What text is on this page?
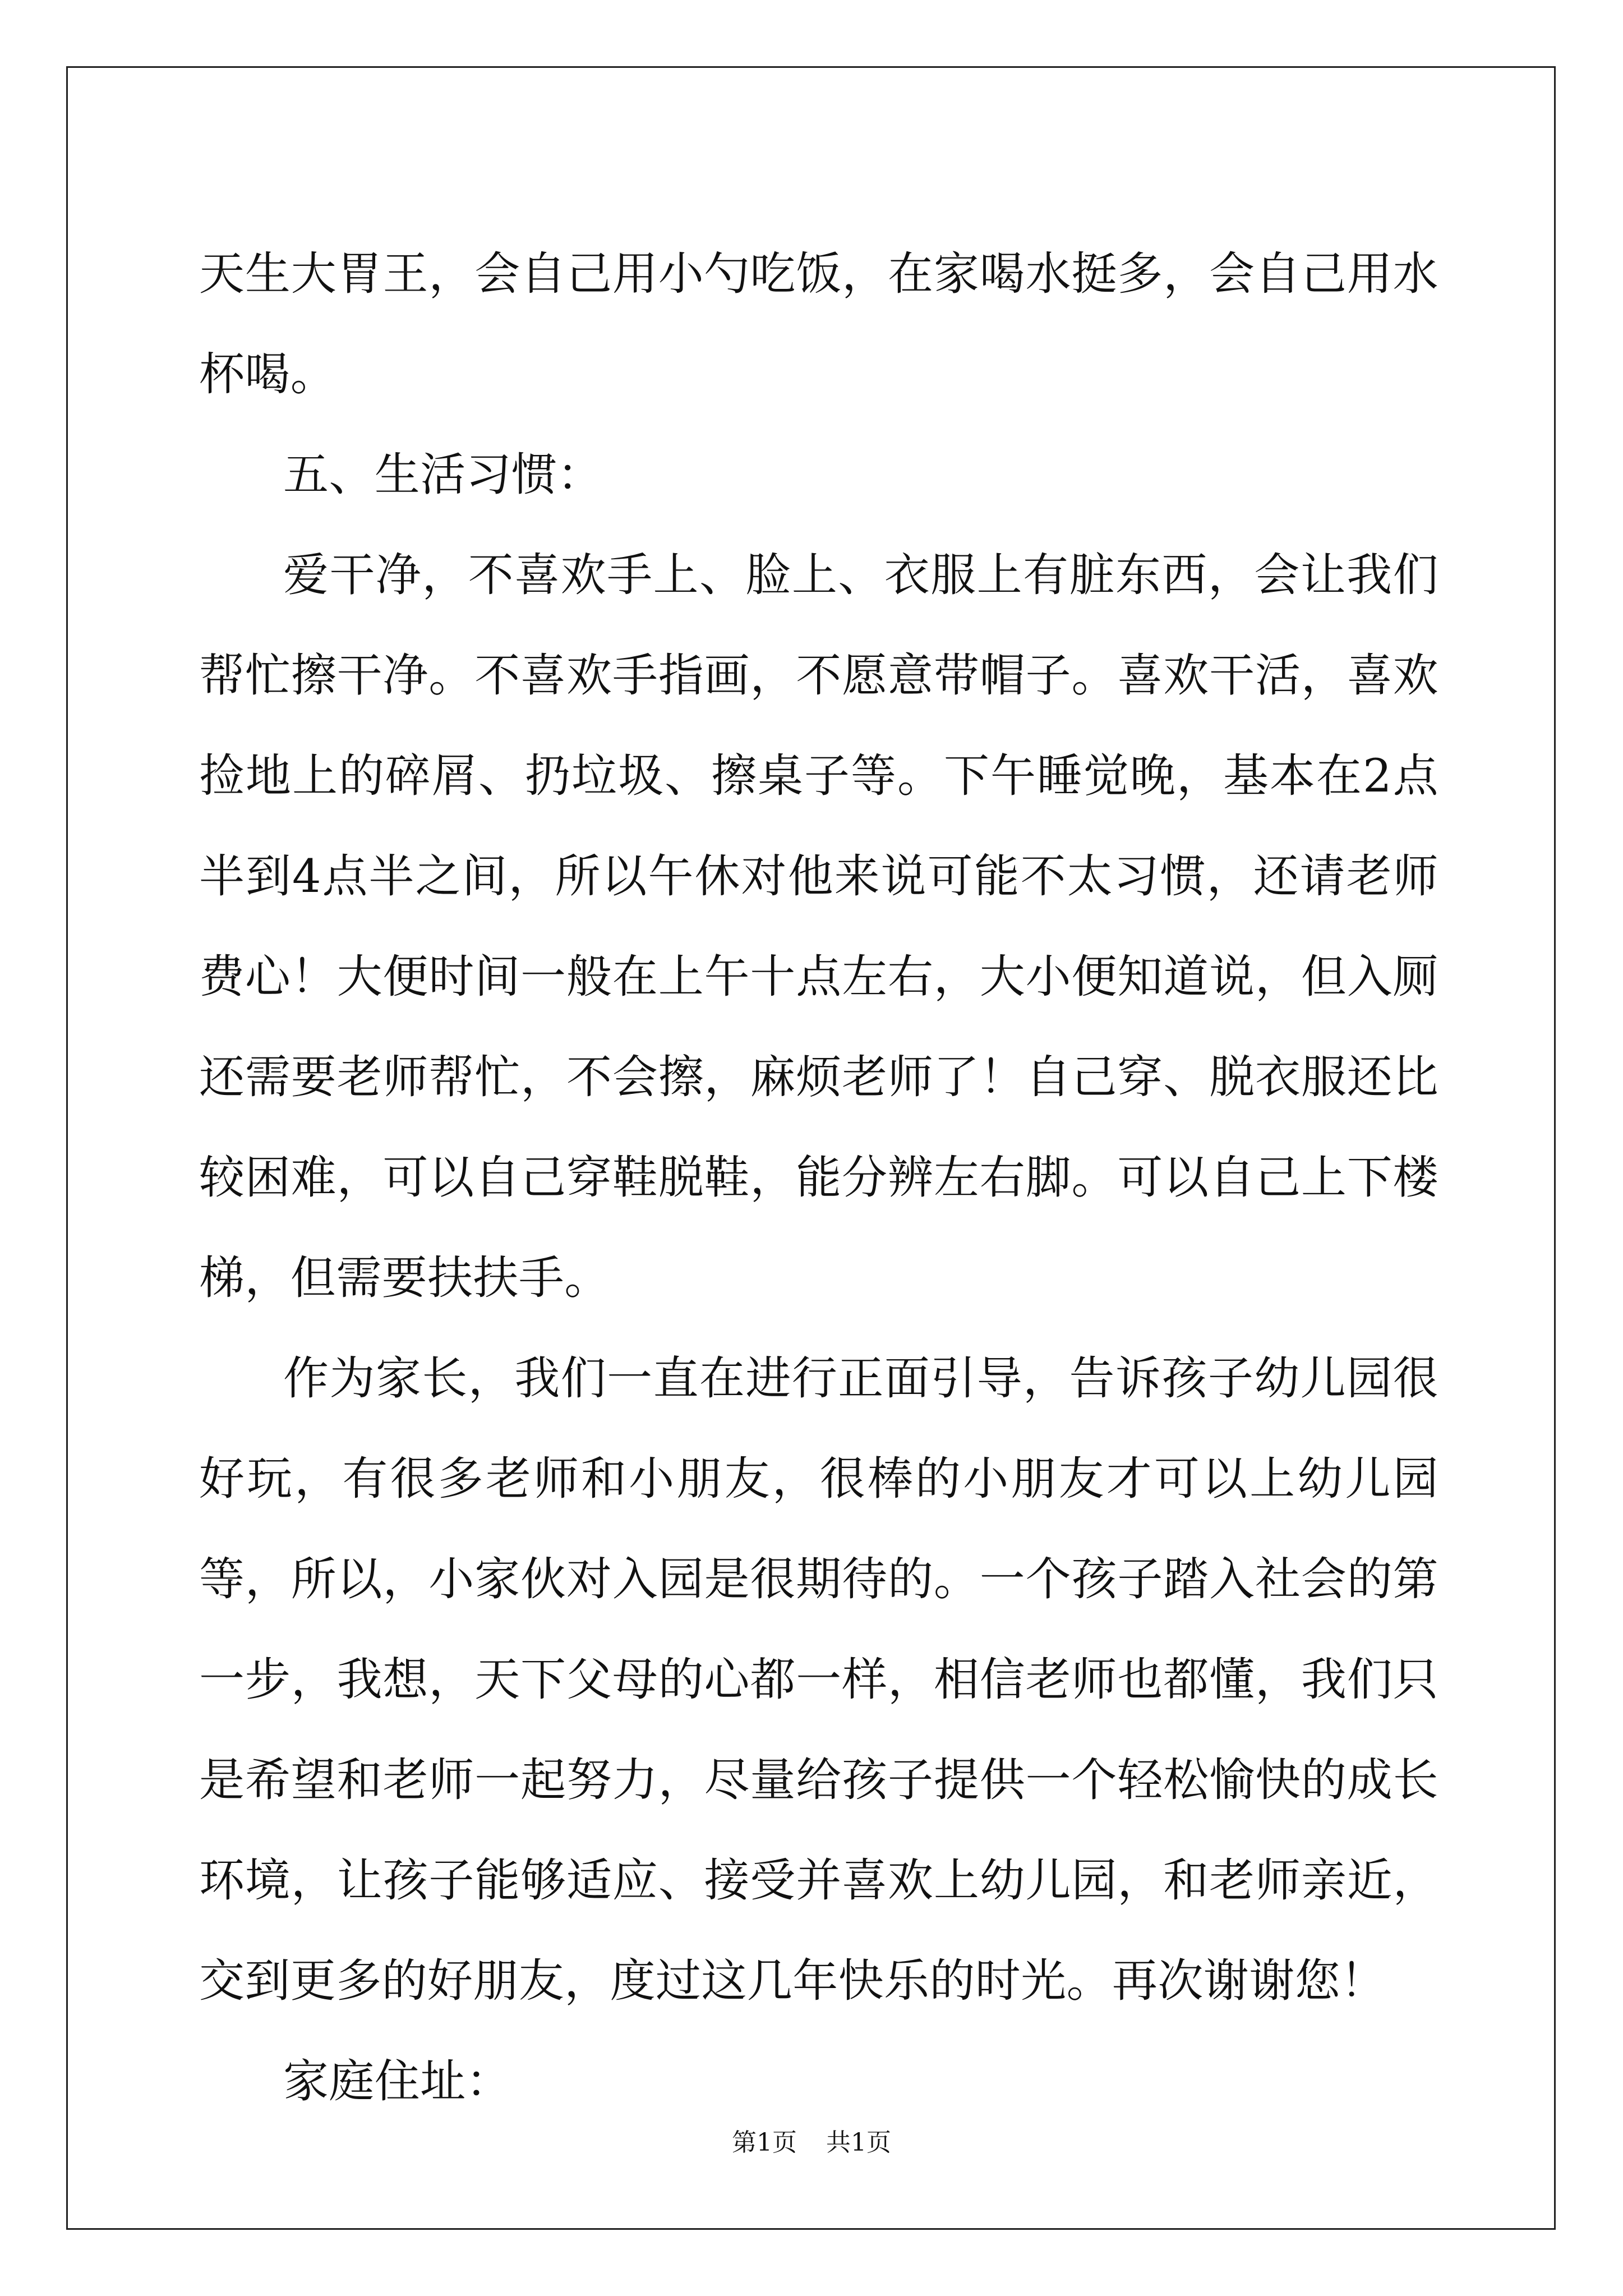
天生大胃王，会自己用小勺吃饭，在家喝水挺多，会自己用水杯喝。

五、生活习惯：

爱干净，不喜欢手上、脸上、衣服上有脏东西，会让我们帮忙擦干净。不喜欢手指画，不愿意带帽子。喜欢干活，喜欢捡地上的碎屑、扔垃圾、擦桌子等。下午睡觉晚，基本在2点半到4点半之间，所以午休对他来说可能不太习惯，还请老师费心！大便时间一般在上午十点左右，大小便知道说，但入厕还需要老师帮忙，不会擦，麻烦老师了！自己穿、脱衣服还比较困难，可以自己穿鞋脱鞋，能分辨左右脚。可以自己上下楼梯，但需要扶扶手。

作为家长，我们一直在进行正面引导，告诉孩子幼儿园很好玩，有很多老师和小朋友，很棒的小朋友才可以上幼儿园等，所以，小家伙对入园是很期待的。一个孩子踏入社会的第一步，我想，天下父母的心都一样，相信老师也都懂，我们只是希望和老师一起努力，尽量给孩子提供一个轻松愉快的成长环境，让孩子能够适应、接受并喜欢上幼儿园，和老师亲近，交到更多的好朋友，度过这几年快乐的时光。再次谢谢您！

家庭住址：

第1页 共1页
